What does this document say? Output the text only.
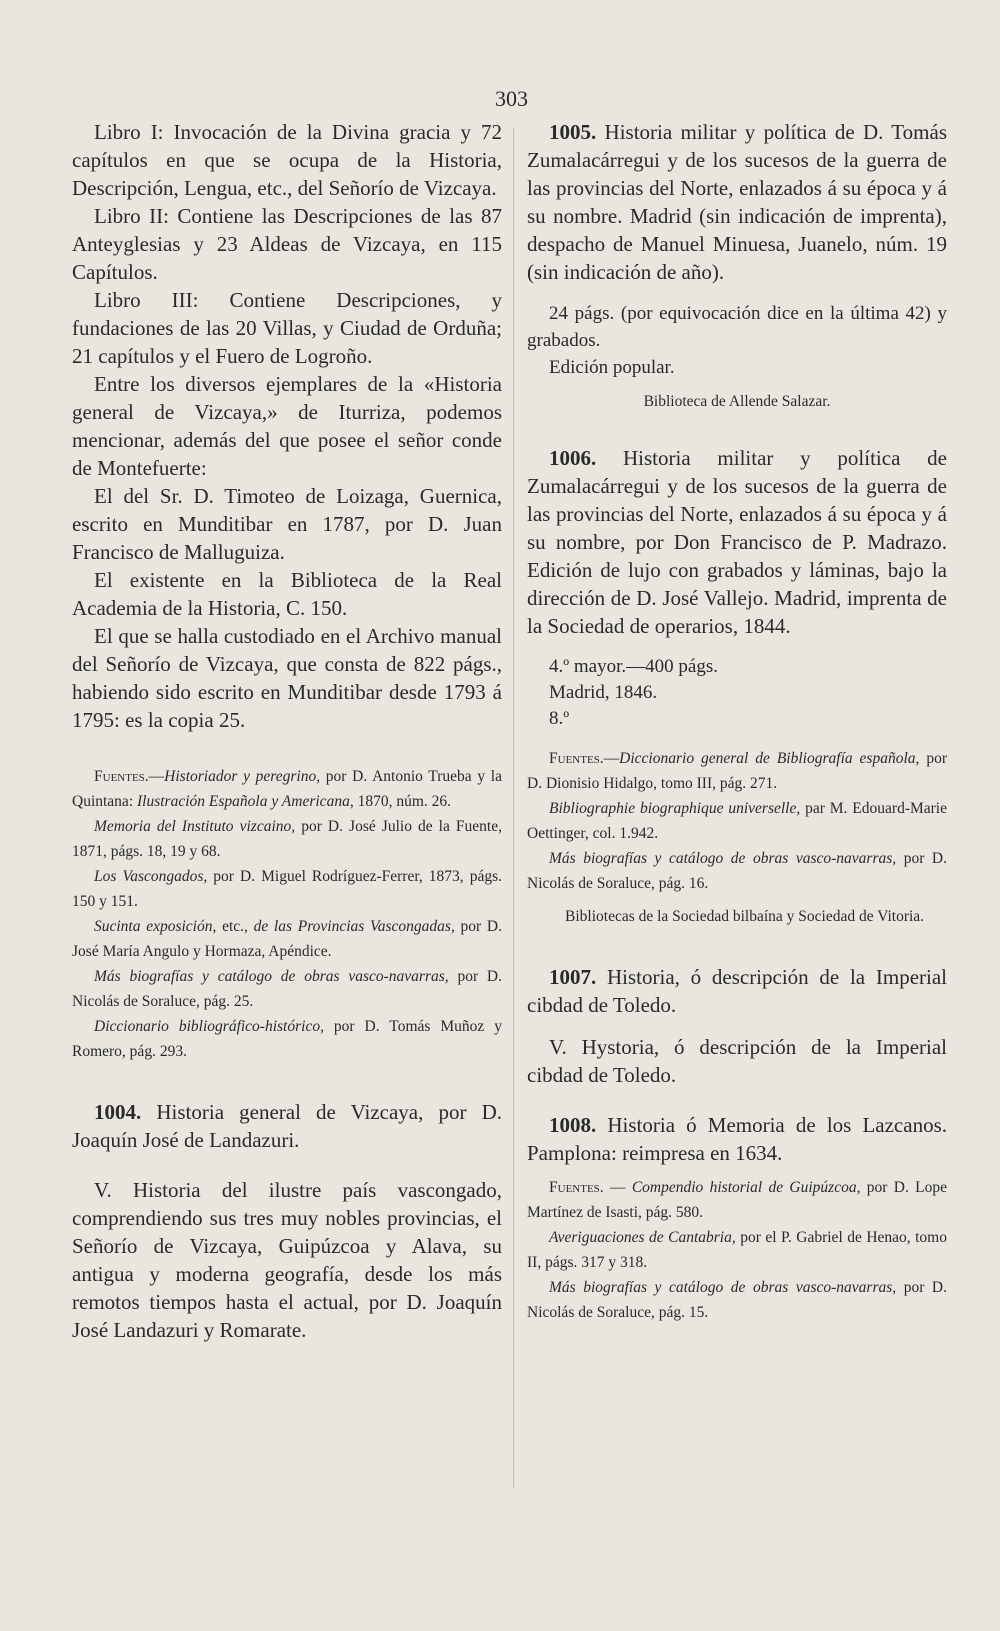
303

Libro I: Invocación de la Divina gracia y 72 capítulos en que se ocupa de la Historia, Descripción, Lengua, etc., del Señorío de Vizcaya.

Libro II: Contiene las Descripciones de las 87 Anteyglesias y 23 Aldeas de Vizcaya, en 115 Capítulos.

Libro III: Contiene Descripciones, y fundaciones de las 20 Villas, y Ciudad de Orduña; 21 capítulos y el Fuero de Logroño.

Entre los diversos ejemplares de la «Historia general de Vizcaya,» de Iturriza, podemos mencionar, además del que posee el señor conde de Montefuerte:

El del Sr. D. Timoteo de Loizaga, Guernica, escrito en Munditibar en 1787, por D. Juan Francisco de Malluguiza.

El existente en la Biblioteca de la Real Academia de la Historia, C. 150.

El que se halla custodiado en el Archivo manual del Señorío de Vizcaya, que consta de 822 págs., habiendo sido escrito en Munditibar desde 1793 á 1795: es la copia 25.

Fuentes.—Historiador y peregrino, por D. Antonio Trueba y la Quintana: Ilustración Española y Americana, 1870, núm. 26.

Memoria del Instituto vizcaino, por D. José Julio de la Fuente, 1871, págs. 18, 19 y 68.

Los Vascongados, por D. Miguel Rodríguez-Ferrer, 1873, págs. 150 y 151.

Sucinta exposición, etc., de las Provincias Vascongadas, por D. José María Angulo y Hormaza, Apéndice.

Más biografías y catálogo de obras vasco-navarras, por D. Nicolás de Soraluce, pág. 25.

Diccionario bibliográfico-histórico, por D. Tomás Muñoz y Romero, pág. 293.

1004. Historia general de Vizcaya, por D. Joaquín José de Landazuri.

V. Historia del ilustre país vascongado, comprendiendo sus tres muy nobles provincias, el Señorío de Vizcaya, Guipúzcoa y Alava, su antigua y moderna geografía, desde los más remotos tiempos hasta el actual, por D. Joaquín José Landazuri y Romarate.

1005. Historia militar y política de D. Tomás Zumalacárregui y de los sucesos de la guerra de las provincias del Norte, enlazados á su época y á su nombre. Madrid (sin indicación de imprenta), despacho de Manuel Minuesa, Juanelo, núm. 19 (sin indicación de año).

24 págs. (por equivocación dice en la última 42) y grabados.

Edición popular.

Biblioteca de Allende Salazar.

1006. Historia militar y política de Zumalacárregui y de los sucesos de la guerra de las provincias del Norte, enlazados á su época y á su nombre, por Don Francisco de P. Madrazo. Edición de lujo con grabados y láminas, bajo la dirección de D. José Vallejo. Madrid, imprenta de la Sociedad de operarios, 1844.

4.º mayor.—400 págs.

Madrid, 1846.

8.º

Fuentes.—Diccionario general de Bibliografía española, por D. Dionisio Hidalgo, tomo III, pág. 271.

Bibliographie biographique universelle, par M. Edouard-Marie Oettinger, col. 1.942.

Más biografías y catálogo de obras vasco-navarras, por D. Nicolás de Soraluce, pág. 16.

Bibliotecas de la Sociedad bilbaína y Sociedad de Vitoria.

1007. Historia, ó descripción de la Imperial cibdad de Toledo.

V. Hystoria, ó descripción de la Imperial cibdad de Toledo.

1008. Historia ó Memoria de los Lazcanos. Pamplona: reimpresa en 1634.

Fuentes. — Compendio historial de Guipúzcoa, por D. Lope Martínez de Isasti, pág. 580.

Averiguaciones de Cantabria, por el P. Gabriel de Henao, tomo II, págs. 317 y 318.

Más biografías y catálogo de obras vasco-navarras, por D. Nicolás de Soraluce, pág. 15.
